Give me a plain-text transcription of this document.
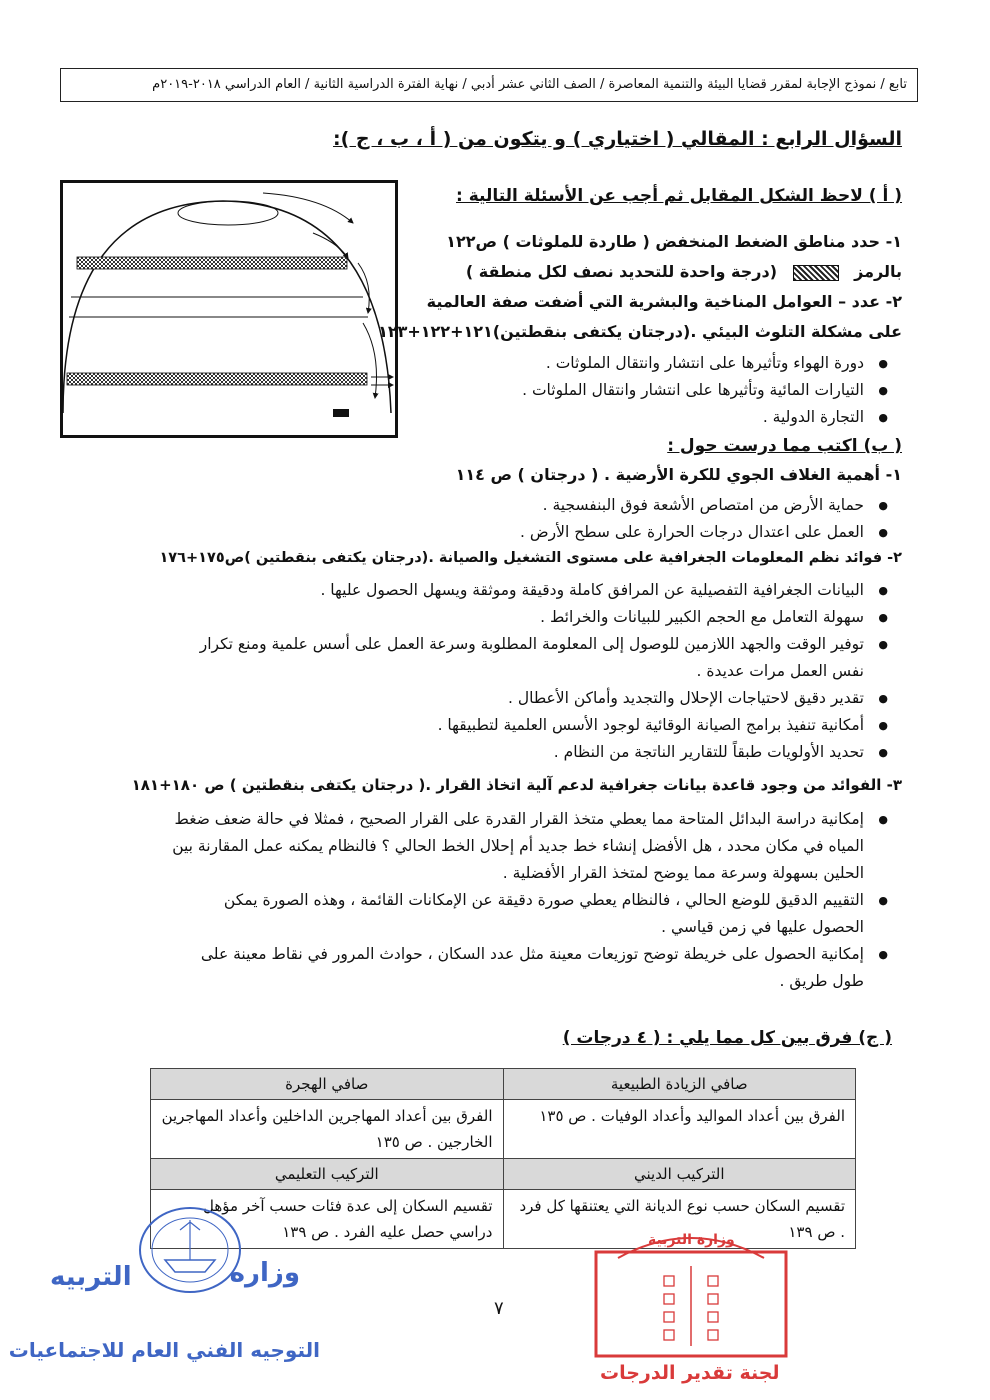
تابع / نموذج الإجابة لمقرر قضايا البيئة والتنمية المعاصرة / الصف الثاني عشر أدبي / نهاية الفترة الدراسية الثانية / العام الدراسي ٢٠١٨-٢٠١٩م
السؤال الرابع : المقالي ( اختياري ) و يتكون من ( أ ، ب ، ج ):
( أ ) لاحظ الشكل المقابل ثم أجب عن الأسئلة التالية :
١- حدد مناطق الضغط المنخفض ( طاردة للملوثات ) ص١٢٢
بالرمز  (درجة واحدة للتحديد نصف لكل منطقة )
٢- عدد – العوامل المناخية والبشرية التي أضفت صفة العالمية
على مشكلة التلوث البيئي .(درجتان يكتفى بنقطتين)١٢١+١٢٢+١٢٣
● دورة الهواء وتأثيرها على انتشار وانتقال الملوثات .
● التيارات المائية وتأثيرها على انتشار وانتقال الملوثات .
● التجارة الدولية .
( ب) اكتب مما درست حول :
١- أهمية الغلاف الجوي للكرة الأرضية . ( درجتان ) ص ١١٤
● حماية الأرض من امتصاص الأشعة فوق البنفسجية .
● العمل على اعتدال درجات الحرارة على سطح الأرض .
٢- فوائد نظم المعلومات الجغرافية على مستوى التشغيل والصيانة .(درجتان يكتفى بنقطتين )ص١٧٥+١٧٦
● البيانات الجغرافية التفصيلية عن المرافق كاملة ودقيقة وموثقة ويسهل الحصول عليها .
● سهولة التعامل مع الحجم الكبير للبيانات والخرائط .
● توفير الوقت والجهد اللازمين للوصول إلى المعلومة المطلوبة وسرعة العمل على أسس علمية ومنع تكرار نفس العمل مرات عديدة .
● تقدير دقيق لاحتياجات الإحلال والتجديد وأماكن الأعطال .
● أمكانية تنفيذ برامج الصيانة الوقائية لوجود الأسس العلمية لتطبيقها .
● تحديد الأولويات طبقاً للتقارير الناتجة من النظام .
٣- الفوائد من وجود قاعدة بيانات جغرافية لدعم آلية اتخاذ القرار .( درجتان يكتفى بنقطتين ) ص ١٨٠+١٨١
● إمكانية دراسة البدائل المتاحة مما يعطي متخذ القرار القدرة على القرار الصحيح ، فمثلا في حالة ضعف ضغط المياه في مكان محدد ، هل الأفضل إنشاء خط جديد أم إحلال الخط الحالي ؟ فالنظام يمكنه عمل المقارنة بين الحلين بسهولة وسرعة مما يوضح لمتخذ القرار الأفضلية .
● التقييم الدقيق للوضع الحالي ، فالنظام يعطي صورة دقيقة عن الإمكانات القائمة ، وهذه الصورة يمكن الحصول عليها في زمن قياسي .
● إمكانية الحصول على خريطة توضح توزيعات معينة مثل عدد السكان ، حوادث المرور في نقاط معينة على طول طريق .
( ج) فرق بين كل مما يلي : ( ٤ درجات )
صافي الزيادة الطبيعية	صافي الهجرة
الفرق بين أعداد المواليد وأعداد الوفيات . ص ١٣٥	الفرق بين أعداد المهاجرين الداخلين وأعداد المهاجرين الخارجين . ص ١٣٥
التركيب الديني	التركيب التعليمي
تقسيم السكان حسب نوع الديانة التي يعتنقها كل فرد . ص ١٣٩	تقسيم السكان إلى عدة فئات حسب آخر مؤهل دراسي حصل عليه الفرد . ص ١٣٩
٧
وزاره
التربيه
التوجيه الفني العام للاجتماعيات
وزارة التربية
لجنة تقدير الدرجات
